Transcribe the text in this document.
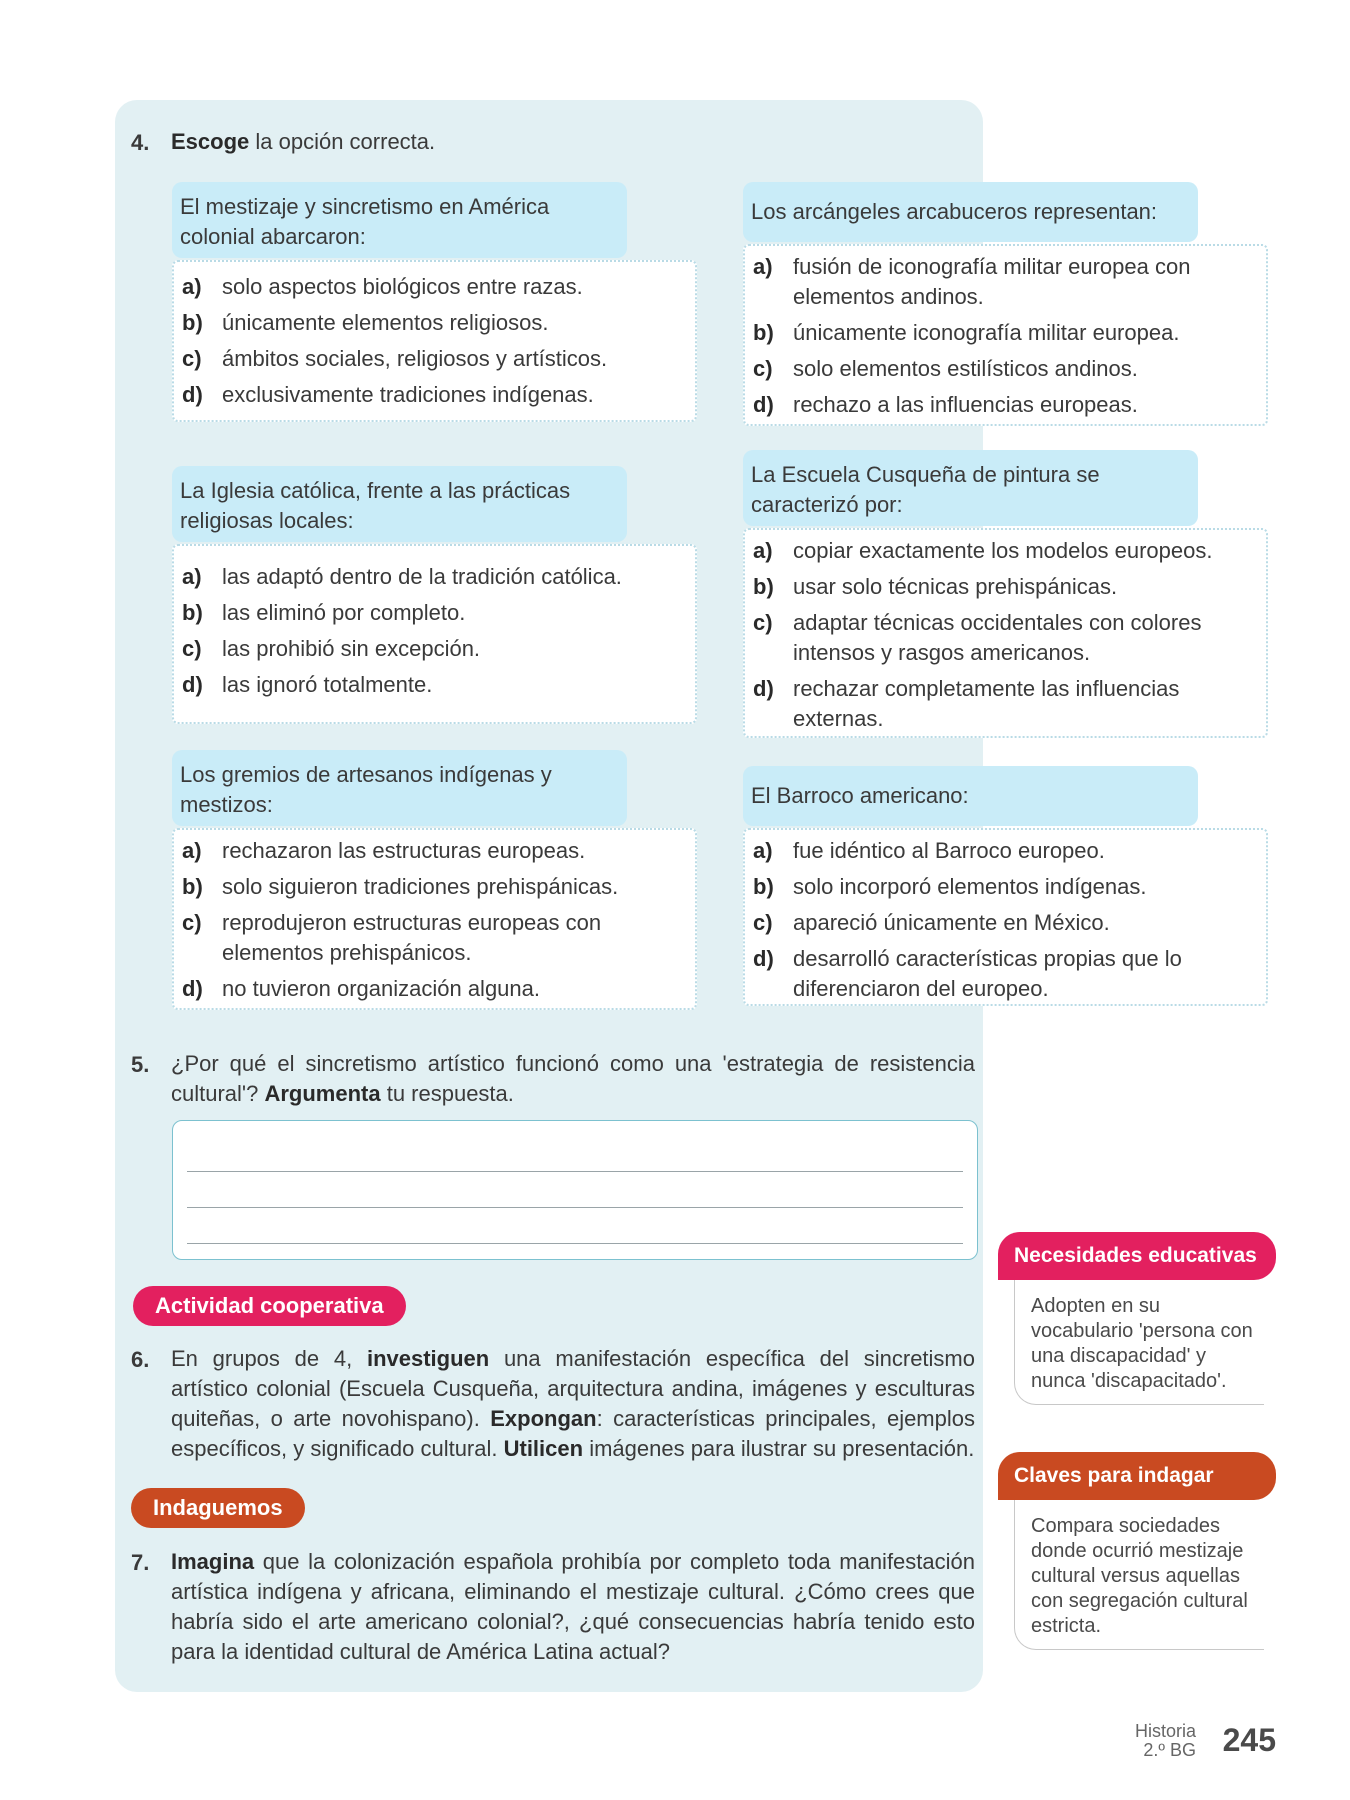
4. Escoge la opción correcta.
El mestizaje y sincretismo en América colonial abarcaron:
a) solo aspectos biológicos entre razas.
b) únicamente elementos religiosos.
c) ámbitos sociales, religiosos y artísticos.
d) exclusivamente tradiciones indígenas.
Los arcángeles arcabuceros representan:
a) fusión de iconografía militar europea con elementos andinos.
b) únicamente iconografía militar europea.
c) solo elementos estilísticos andinos.
d) rechazo a las influencias europeas.
La Iglesia católica, frente a las prácticas religiosas locales:
a) las adaptó dentro de la tradición católica.
b) las eliminó por completo.
c) las prohibió sin excepción.
d) las ignoró totalmente.
La Escuela Cusqueña de pintura se caracterizó por:
a) copiar exactamente los modelos europeos.
b) usar solo técnicas prehispánicas.
c) adaptar técnicas occidentales con colores intensos y rasgos americanos.
d) rechazar completamente las influencias externas.
Los gremios de artesanos indígenas y mestizos:
a) rechazaron las estructuras europeas.
b) solo siguieron tradiciones prehispánicas.
c) reprodujeron estructuras europeas con elementos prehispánicos.
d) no tuvieron organización alguna.
El Barroco americano:
a) fue idéntico al Barroco europeo.
b) solo incorporó elementos indígenas.
c) apareció únicamente en México.
d) desarrolló características propias que lo diferenciaron del europeo.
5. ¿Por qué el sincretismo artístico funcionó como una 'estrategia de resistencia cultural'? Argumenta tu respuesta.
Actividad cooperativa
6. En grupos de 4, investiguen una manifestación específica del sincretismo artístico colonial (Escuela Cusqueña, arquitectura andina, imágenes y esculturas quiteñas, o arte novohispano). Expongan: características principales, ejemplos específicos, y significado cultural. Utilicen imágenes para ilustrar su presentación.
Indaguemos
7. Imagina que la colonización española prohibía por completo toda manifestación artística indígena y africana, eliminando el mestizaje cultural. ¿Cómo crees que habría sido el arte americano colonial?, ¿qué consecuencias habría tenido esto para la identidad cultural de América Latina actual?
Necesidades educativas
Adopten en su vocabulario 'persona con una discapacidad' y nunca 'discapacitado'.
Claves para indagar
Compara sociedades donde ocurrió mestizaje cultural versus aquellas con segregación cultural estricta.
Historia
2.º BG 245
